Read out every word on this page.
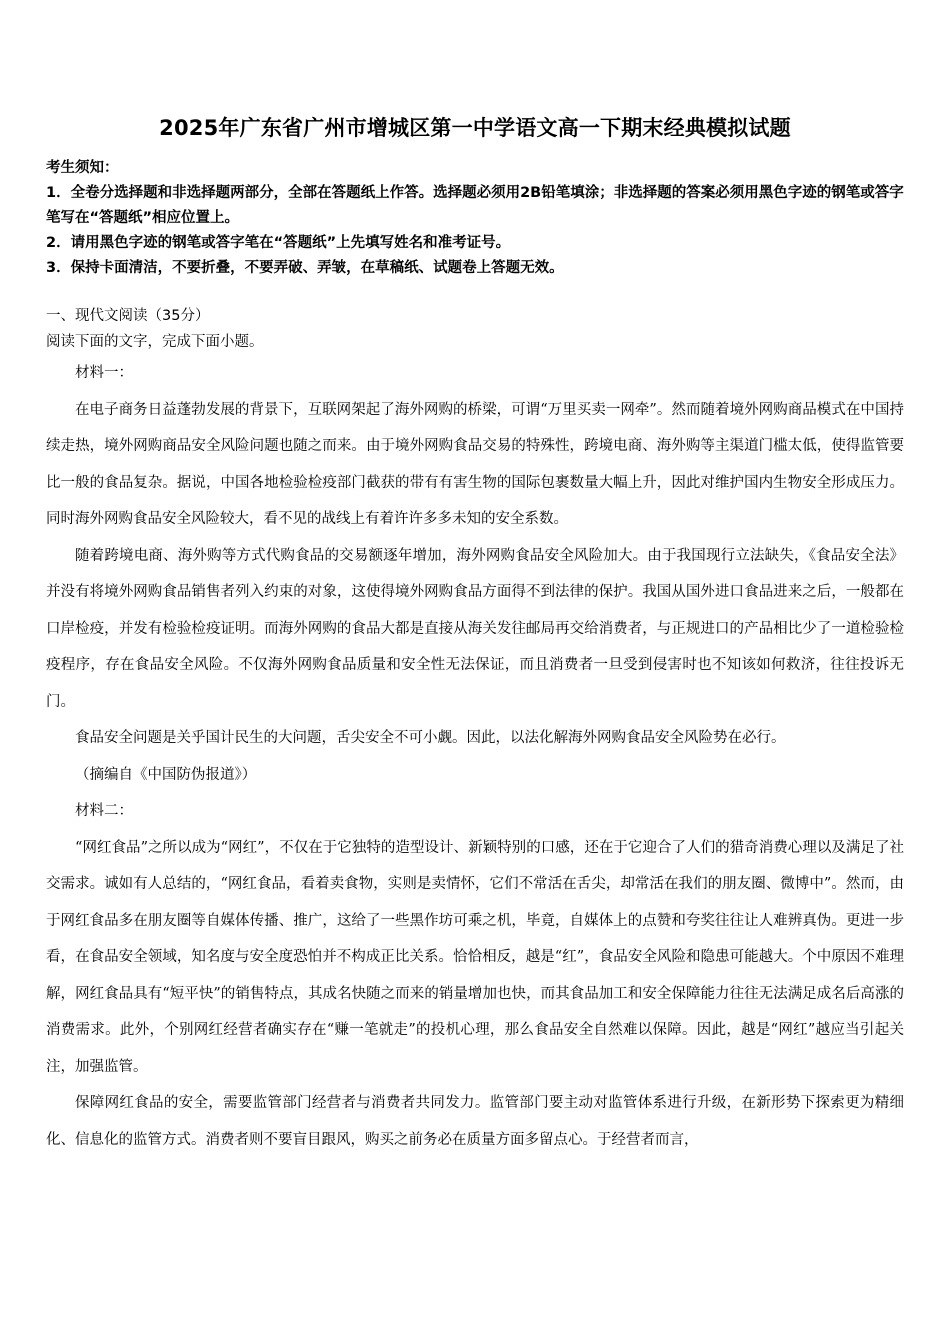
2025年广东省广州市增城区第一中学语文高一下期末经典模拟试题

考生须知：

1．全卷分选择题和非选择题两部分，全部在答题纸上作答。选择题必须用2B铅笔填涂；非选择题的答案必须用黑色字迹的钢笔或答字笔写在“答题纸”相应位置上。

2．请用黑色字迹的钢笔或答字笔在“答题纸”上先填写姓名和准考证号。

3．保持卡面清洁，不要折叠，不要弄破、弄皱，在草稿纸、试题卷上答题无效。

一、现代文阅读（35分）

阅读下面的文字，完成下面小题。

材料一：

在电子商务日益蓬勃发展的背景下，互联网架起了海外网购的桥梁，可谓“万里买卖一网牵”。然而随着境外网购商品模式在中国持续走热，境外网购商品安全风险问题也随之而来。由于境外网购食品交易的特殊性，跨境电商、海外购等主渠道门槛太低，使得监管要比一般的食品复杂。据说，中国各地检验检疫部门截获的带有有害生物的国际包裹数量大幅上升，因此对维护国内生物安全形成压力。同时海外网购食品安全风险较大，看不见的战线上有着许许多多未知的安全系数。

随着跨境电商、海外购等方式代购食品的交易额逐年增加，海外网购食品安全风险加大。由于我国现行立法缺失，《食品安全法》并没有将境外网购食品销售者列入约束的对象，这使得境外网购食品方面得不到法律的保护。我国从国外进口食品进来之后，一般都在口岸检疫，并发有检验检疫证明。而海外网购的食品大都是直接从海关发往邮局再交给消费者，与正规进口的产品相比少了一道检验检疫程序，存在食品安全风险。不仅海外网购食品质量和安全性无法保证，而且消费者一旦受到侵害时也不知该如何救济，往往投诉无门。

食品安全问题是关乎国计民生的大问题，舌尖安全不可小觑。因此，以法化解海外网购食品安全风险势在必行。

（摘编自《中国防伪报道》）

材料二：

“网红食品”之所以成为“网红”，不仅在于它独特的造型设计、新颖特别的口感，还在于它迎合了人们的猎奇消费心理以及满足了社交需求。诚如有人总结的，“网红食品，看着卖食物，实则是卖情怀，它们不常活在舌尖，却常活在我们的朋友圈、微博中”。然而，由于网红食品多在朋友圈等自媒体传播、推广，这给了一些黑作坊可乘之机，毕竟，自媒体上的点赞和夸奖往往让人难辨真伪。更进一步看，在食品安全领域，知名度与安全度恐怕并不构成正比关系。恰恰相反，越是“红”，食品安全风险和隐患可能越大。个中原因不难理解，网红食品具有“短平快”的销售特点，其成名快随之而来的销量增加也快，而其食品加工和安全保障能力往往无法满足成名后高涨的消费需求。此外，个别网红经营者确实存在“赚一笔就走”的投机心理，那么食品安全自然难以保障。因此，越是“网红”越应当引起关注，加强监管。

保障网红食品的安全，需要监管部门经营者与消费者共同发力。监管部门要主动对监管体系进行升级，在新形势下探索更为精细化、信息化的监管方式。消费者则不要盲目跟风，购买之前务必在质量方面多留点心。于经营者而言，
